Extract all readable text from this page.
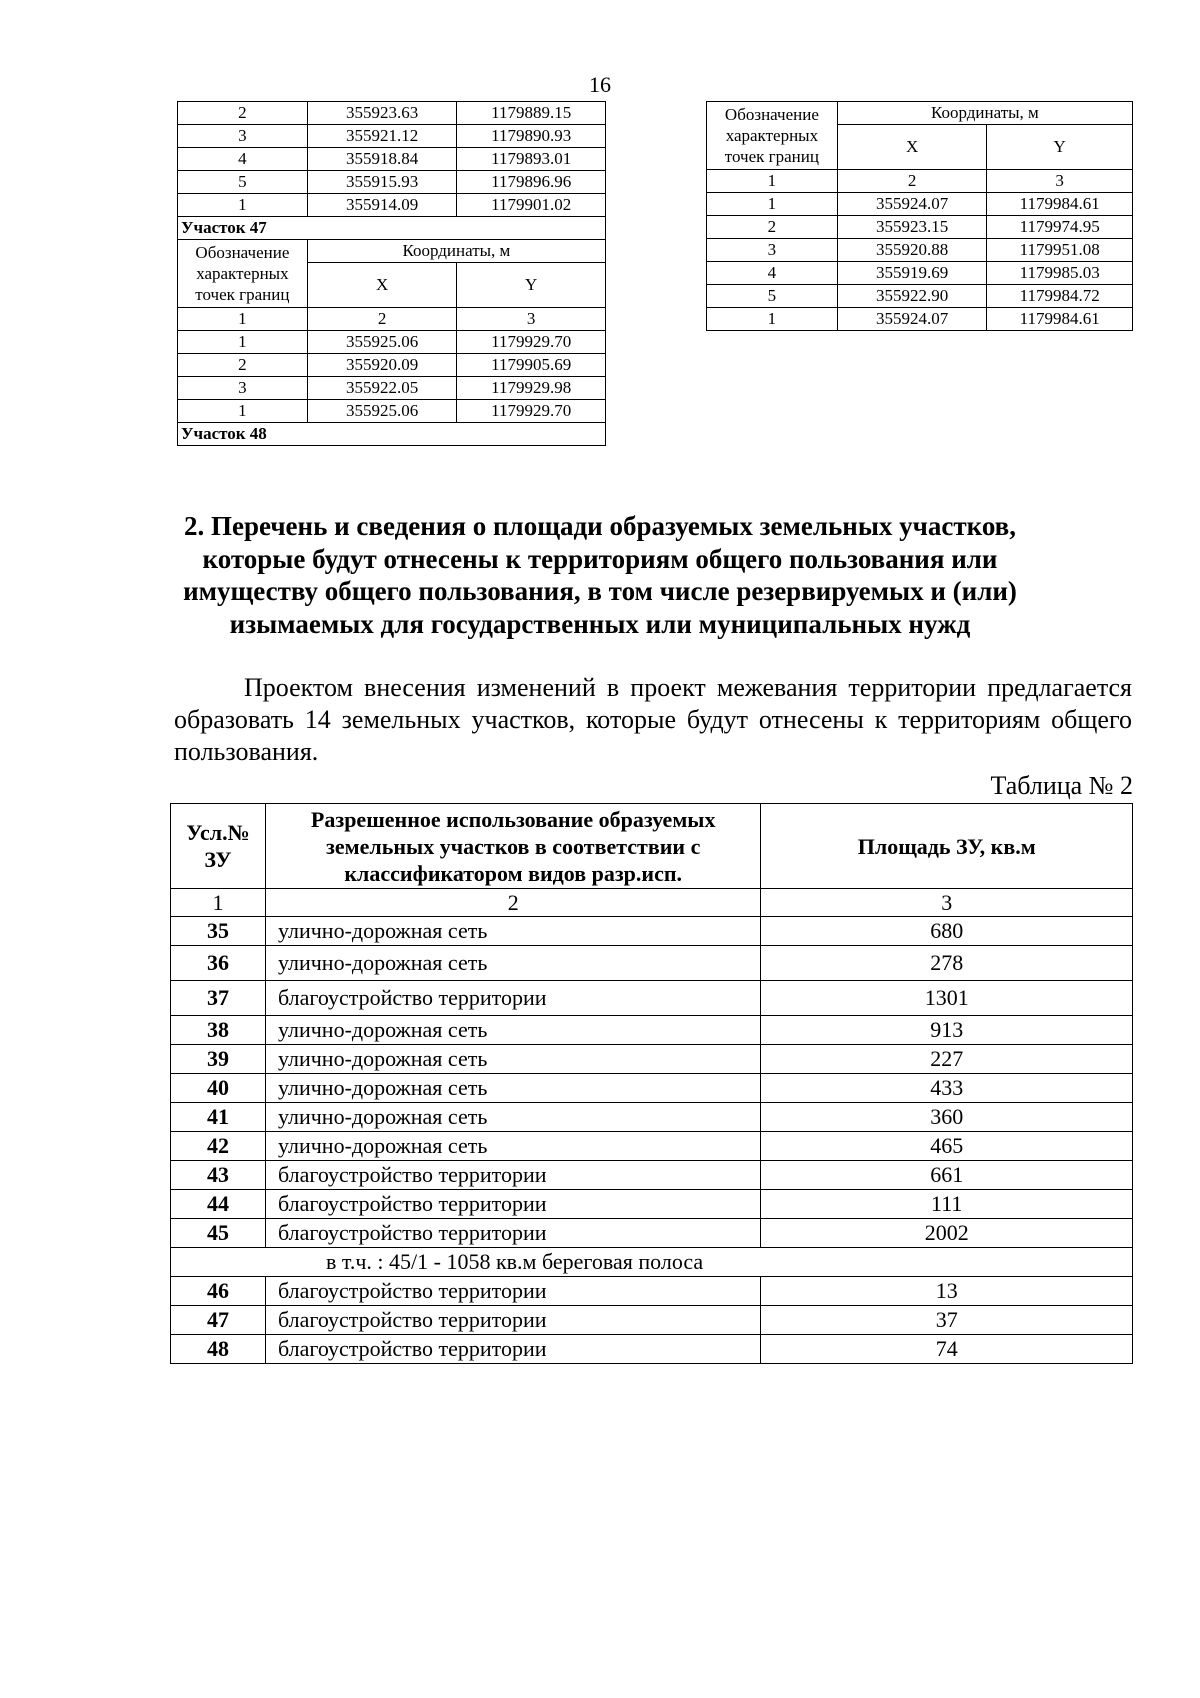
16
2	355923.63	1179889.15
3	355921.12	1179890.93
4	355918.84	1179893.01
5	355915.93	1179896.96
1	355914.09	1179901.02
Участок 47		
Обозначение характерных точек границ	Координаты, м	
	X	Y
1	2	3
1	355925.06	1179929.70
2	355920.09	1179905.69
3	355922.05	1179929.98
1	355925.06	1179929.70
Участок 48		
Обозначение характерных точек границ	Координаты, м	
	X	Y
1	2	3
1	355924.07	1179984.61
2	355923.15	1179974.95
3	355920.88	1179951.08
4	355919.69	1179985.03
5	355922.90	1179984.72
1	355924.07	1179984.61
2. Перечень и сведения о площади образуемых земельных участков,
которые будут отнесены к территориям общего пользования или
имуществу общего пользования, в том числе резервируемых и (или)
изымаемых для государственных или муниципальных нужд

Проектом внесения изменений в проект межевания территории предлагается образовать 14 земельных участков, которые будут отнесены к территориям общего пользования.

Таблица № 2
Усл.№ ЗУ	Разрешенное использование образуемых земельных участков в соответствии с классификатором видов разр.исп.	Площадь ЗУ, кв.м
1	2	3
35	улично-дорожная сеть	680
36	улично-дорожная сеть	278
37	благоустройство территории	1301
38	улично-дорожная сеть	913
39	улично-дорожная сеть	227
40	улично-дорожная сеть	433
41	улично-дорожная сеть	360
42	улично-дорожная сеть	465
43	благоустройство территории	661
44	благоустройство территории	111
45	благоустройство территории	2002
в т.ч. : 45/1 - 1058 кв.м береговая полоса		
46	благоустройство территории	13
47	благоустройство территории	37
48	благоустройство территории	74
